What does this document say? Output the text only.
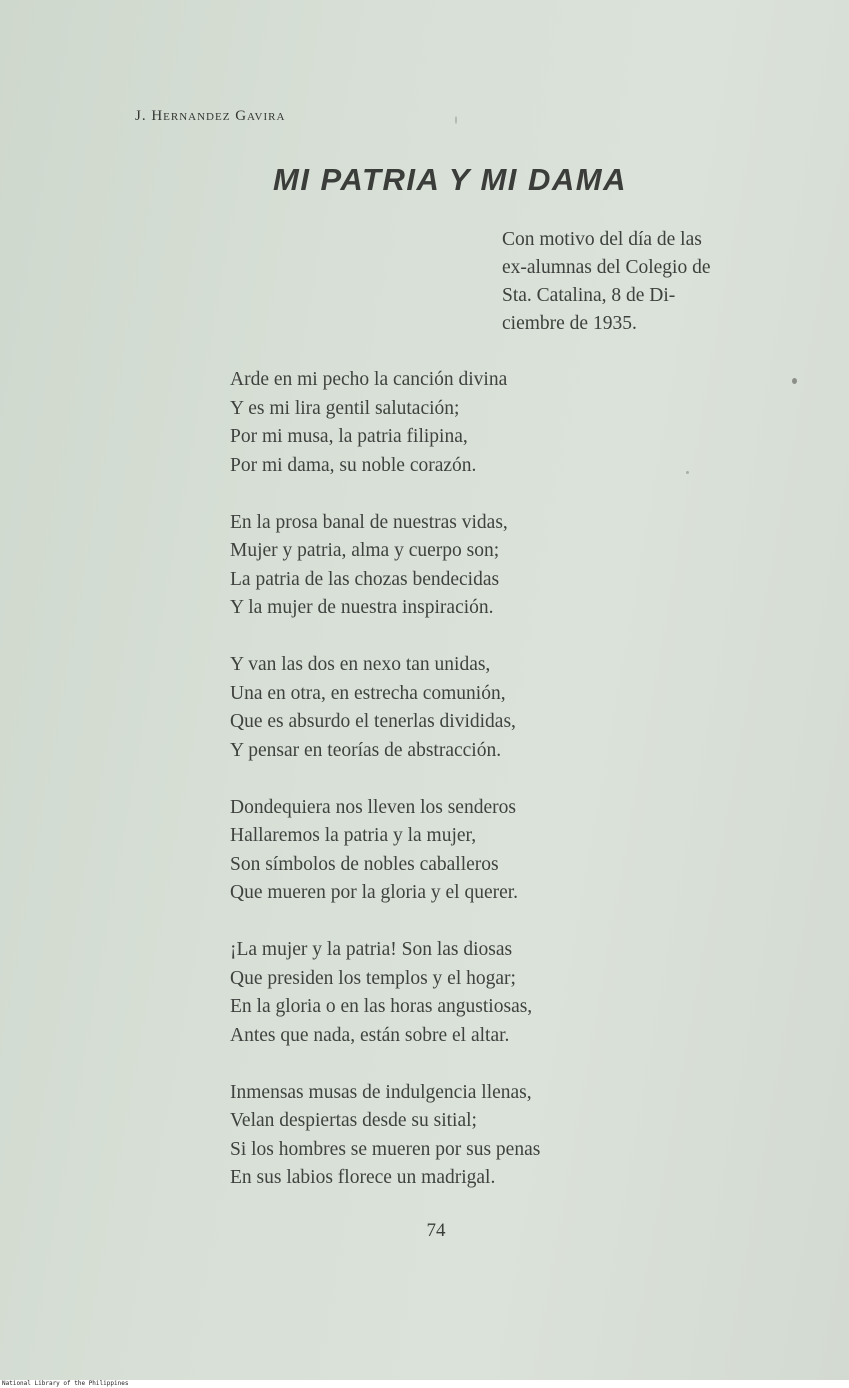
J. Hernandez Gavira
MI PATRIA Y MI DAMA
Con motivo del día de las
ex-alumnas del Colegio de
Sta. Catalina, 8 de Di-
ciembre de 1935.
Arde en mi pecho la canción divina
Y es mi lira gentil salutación;
Por mi musa, la patria filipina,
Por mi dama, su noble corazón.
En la prosa banal de nuestras vidas,
Mujer y patria, alma y cuerpo son;
La patria de las chozas bendecidas
Y la mujer de nuestra inspiración.
Y van las dos en nexo tan unidas,
Una en otra, en estrecha comunión,
Que es absurdo el tenerlas divididas,
Y pensar en teorías de abstracción.
Dondequiera nos lleven los senderos
Hallaremos la patria y la mujer,
Son símbolos de nobles caballeros
Que mueren por la gloria y el querer.
¡La mujer y la patria! Son las diosas
Que presiden los templos y el hogar;
En la gloria o en las horas angustiosas,
Antes que nada, están sobre el altar.
Inmensas musas de indulgencia llenas,
Velan despiertas desde su sitial;
Si los hombres se mueren por sus penas
En sus labios florece un madrigal.
74
National Library of the Philippines
